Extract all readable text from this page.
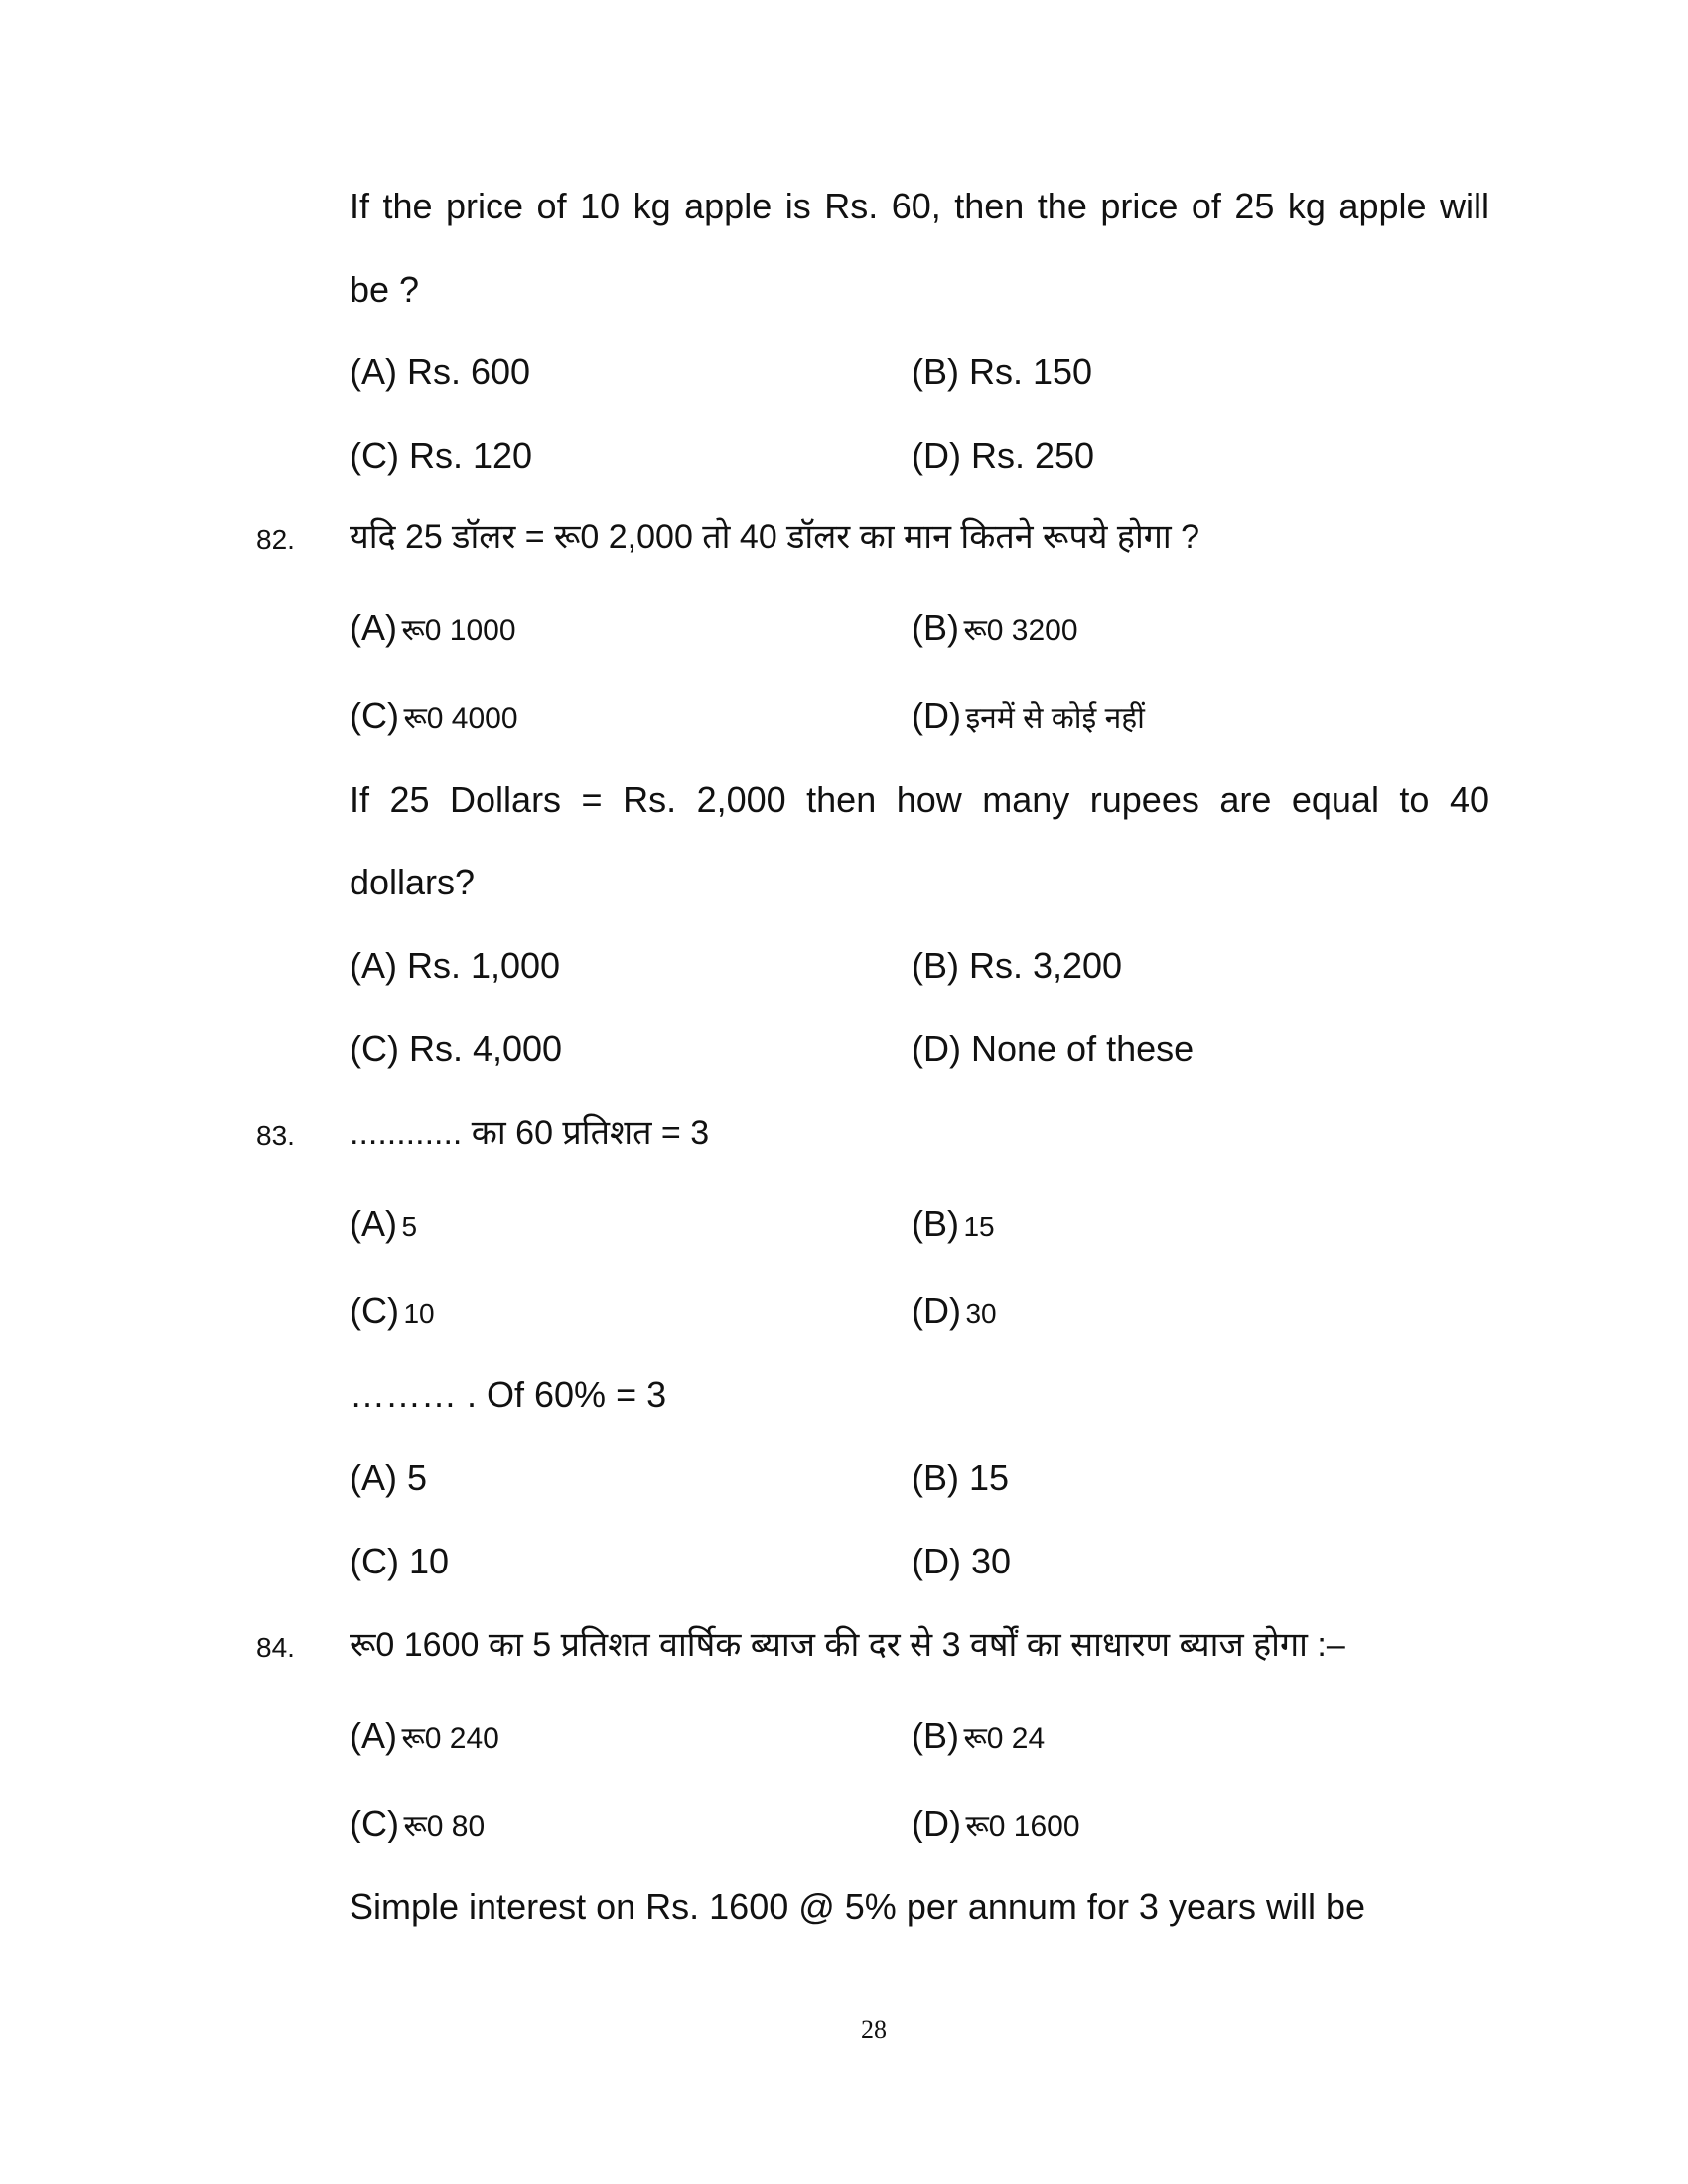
If the price of 10 kg apple is Rs. 60, then the price of 25 kg apple will
be ?
(A) Rs. 600	(B) Rs. 150
(C) Rs. 120	(D) Rs. 250
82. यदि 25 डॉलर = रू0 2,000 तो 40 डॉलर का मान कितने रूपये होगा ?
(A) रू0 1000	(B) रू0 3200
(C) रू0 4000	(D) इनमें से कोई नहीं
If 25 Dollars = Rs. 2,000 then how many rupees are equal to 40
dollars?
(A) Rs. 1,000	(B) Rs. 3,200
(C) Rs. 4,000	(D) None of these
83. ............ का 60 प्रतिशत = 3
(A) 5	(B) 15
(C) 10	(D) 30
……… . Of 60% = 3
(A) 5	(B) 15
(C) 10	(D) 30
84. रू0 1600 का 5 प्रतिशत वार्षिक ब्याज की दर से 3 वर्षों का साधारण ब्याज होगा :–
(A) रू0 240	(B) रू0 24
(C) रू0 80	(D) रू0 1600
Simple interest on Rs. 1600 @ 5% per annum for 3 years will be
28
